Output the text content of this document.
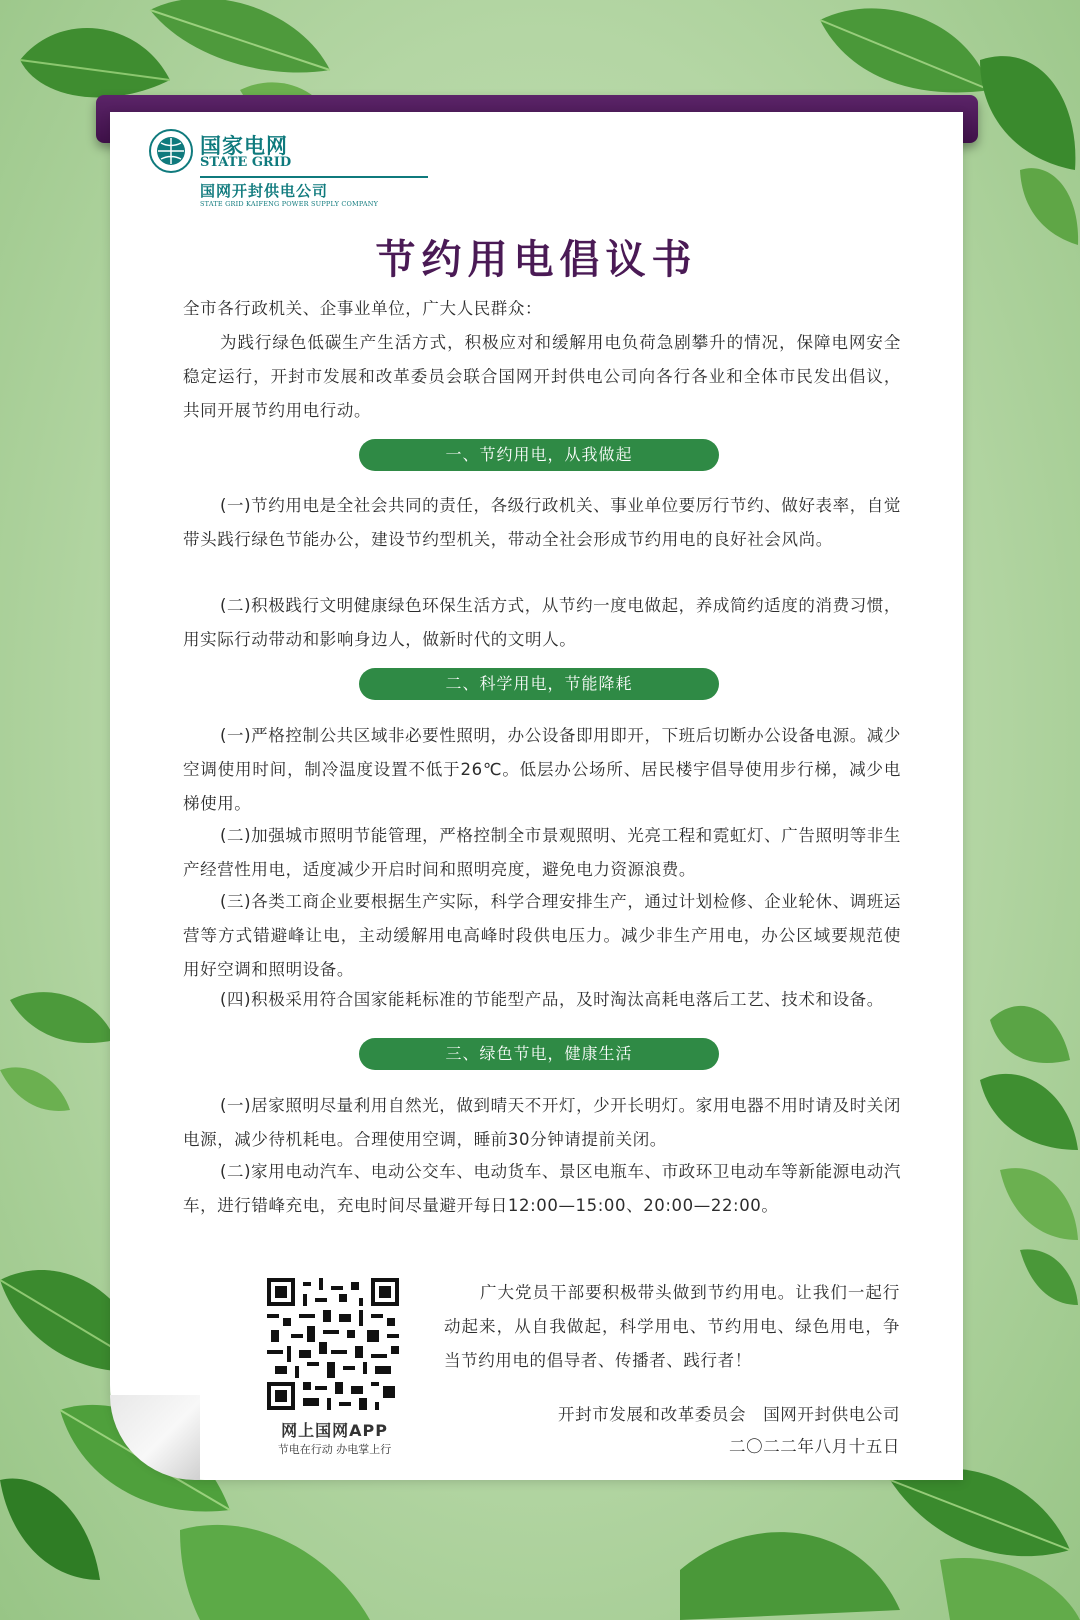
国家电网
STATE GRID
国网开封供电公司
STATE GRID KAIFENG POWER SUPPLY COMPANY
节约用电倡议书
全市各行政机关、企事业单位，广大人民群众：
为践行绿色低碳生产生活方式，积极应对和缓解用电负荷急剧攀升的情况，保障电网安全稳定运行，开封市发展和改革委员会联合国网开封供电公司向各行各业和全体市民发出倡议，共同开展节约用电行动。
一、节约用电，从我做起
(一)节约用电是全社会共同的责任，各级行政机关、事业单位要厉行节约、做好表率，自觉带头践行绿色节能办公，建设节约型机关，带动全社会形成节约用电的良好社会风尚。
(二)积极践行文明健康绿色环保生活方式，从节约一度电做起，养成简约适度的消费习惯，用实际行动带动和影响身边人，做新时代的文明人。
二、科学用电，节能降耗
(一)严格控制公共区域非必要性照明，办公设备即用即开，下班后切断办公设备电源。减少空调使用时间，制冷温度设置不低于26℃。低层办公场所、居民楼宇倡导使用步行梯，减少电梯使用。
(二)加强城市照明节能管理，严格控制全市景观照明、光亮工程和霓虹灯、广告照明等非生产经营性用电，适度减少开启时间和照明亮度，避免电力资源浪费。
(三)各类工商企业要根据生产实际，科学合理安排生产，通过计划检修、企业轮休、调班运营等方式错避峰让电，主动缓解用电高峰时段供电压力。减少非生产用电，办公区域要规范使用好空调和照明设备。
(四)积极采用符合国家能耗标准的节能型产品，及时淘汰高耗电落后工艺、技术和设备。
三、绿色节电，健康生活
(一)居家照明尽量利用自然光，做到晴天不开灯，少开长明灯。家用电器不用时请及时关闭电源，减少待机耗电。合理使用空调，睡前30分钟请提前关闭。
(二)家用电动汽车、电动公交车、电动货车、景区电瓶车、市政环卫电动车等新能源电动汽车，进行错峰充电，充电时间尽量避开每日12:00—15:00、20:00—22:00。
网上国网APP
节电在行动 办电掌上行
广大党员干部要积极带头做到节约用电。让我们一起行动起来，从自我做起，科学用电、节约用电、绿色用电，争当节约用电的倡导者、传播者、践行者！
开封市发展和改革委员会　国网开封供电公司
二〇二二年八月十五日
